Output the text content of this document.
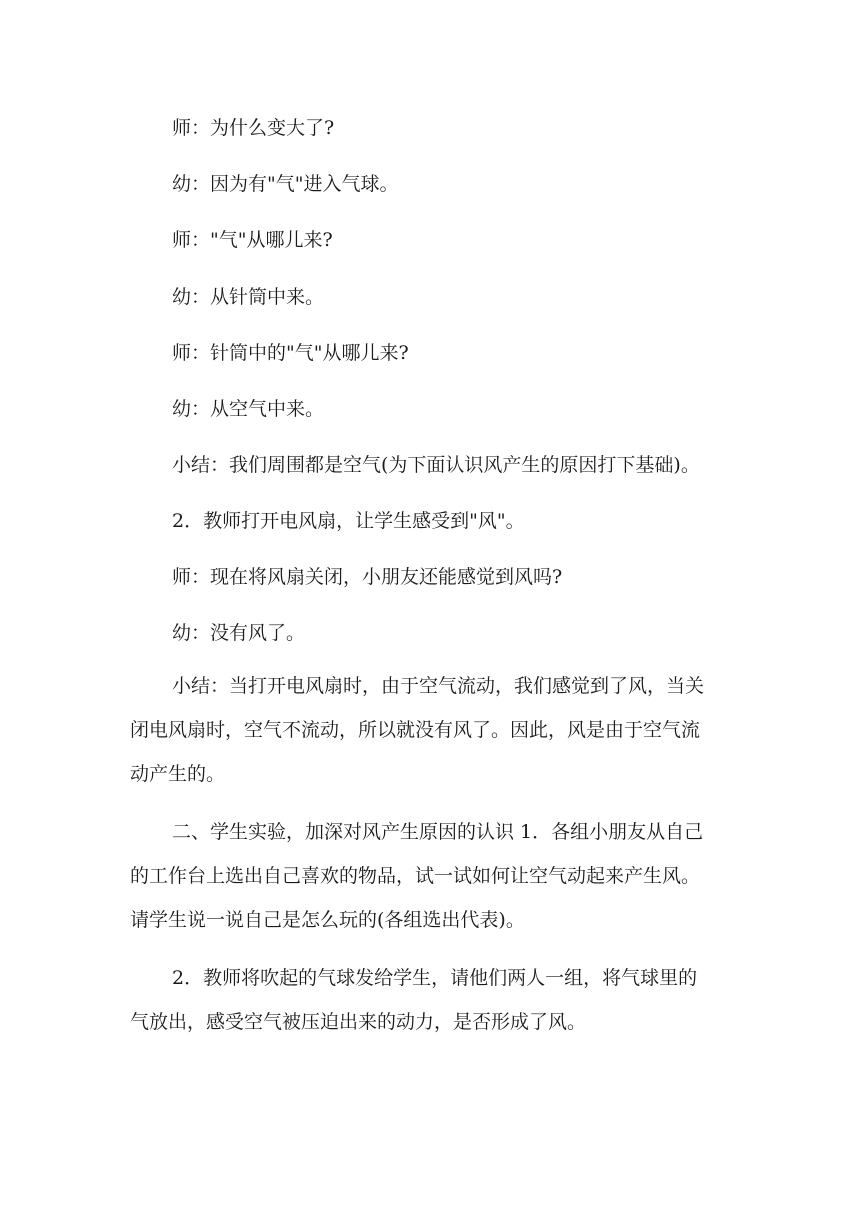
师：为什么变大了?
幼：因为有"气"进入气球。
师："气"从哪儿来?
幼：从针筒中来。
师：针筒中的"气"从哪儿来?
幼：从空气中来。
小结：我们周围都是空气(为下面认识风产生的原因打下基础)。
2．教师打开电风扇，让学生感受到"风"。
师：现在将风扇关闭，小朋友还能感觉到风吗?
幼：没有风了。
小结：当打开电风扇时，由于空气流动，我们感觉到了风，当关
闭电风扇时，空气不流动，所以就没有风了。因此，风是由于空气流
动产生的。
二、学生实验，加深对风产生原因的认识 1．各组小朋友从自己
的工作台上选出自己喜欢的物品，试一试如何让空气动起来产生风。
请学生说一说自己是怎么玩的(各组选出代表)。
2．教师将吹起的气球发给学生，请他们两人一组，将气球里的
气放出，感受空气被压迫出来的动力，是否形成了风。
